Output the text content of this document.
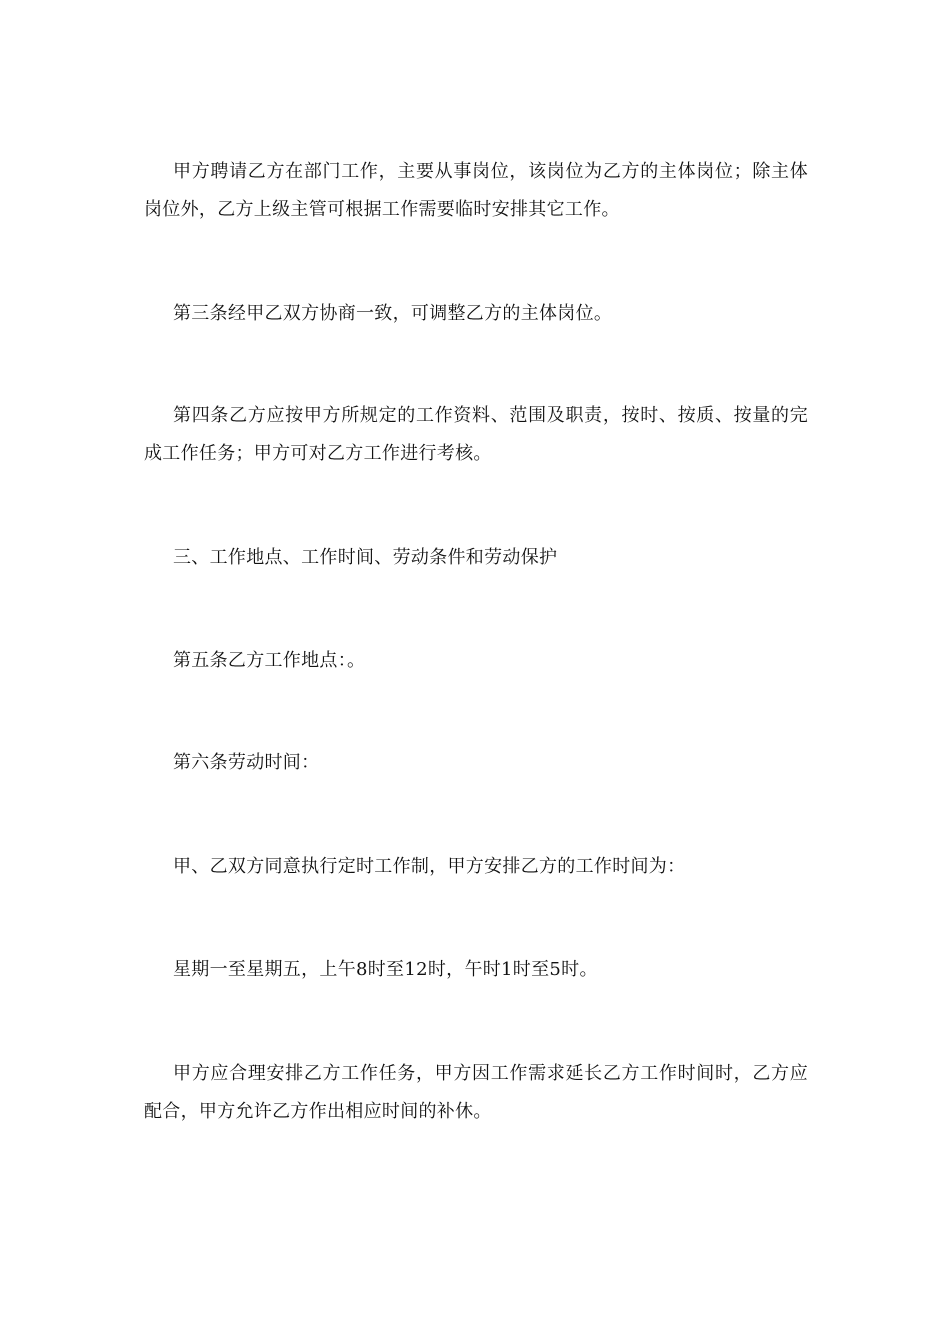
甲方聘请乙方在部门工作，主要从事岗位，该岗位为乙方的主体岗位；除主体岗位外，乙方上级主管可根据工作需要临时安排其它工作。

第三条经甲乙双方协商一致，可调整乙方的主体岗位。

第四条乙方应按甲方所规定的工作资料、范围及职责，按时、按质、按量的完成工作任务；甲方可对乙方工作进行考核。

三、工作地点、工作时间、劳动条件和劳动保护

第五条乙方工作地点：。

第六条劳动时间：

甲、乙双方同意执行定时工作制，甲方安排乙方的工作时间为：

星期一至星期五，上午8时至12时，午时1时至5时。

甲方应合理安排乙方工作任务，甲方因工作需求延长乙方工作时间时，乙方应配合，甲方允许乙方作出相应时间的补休。
